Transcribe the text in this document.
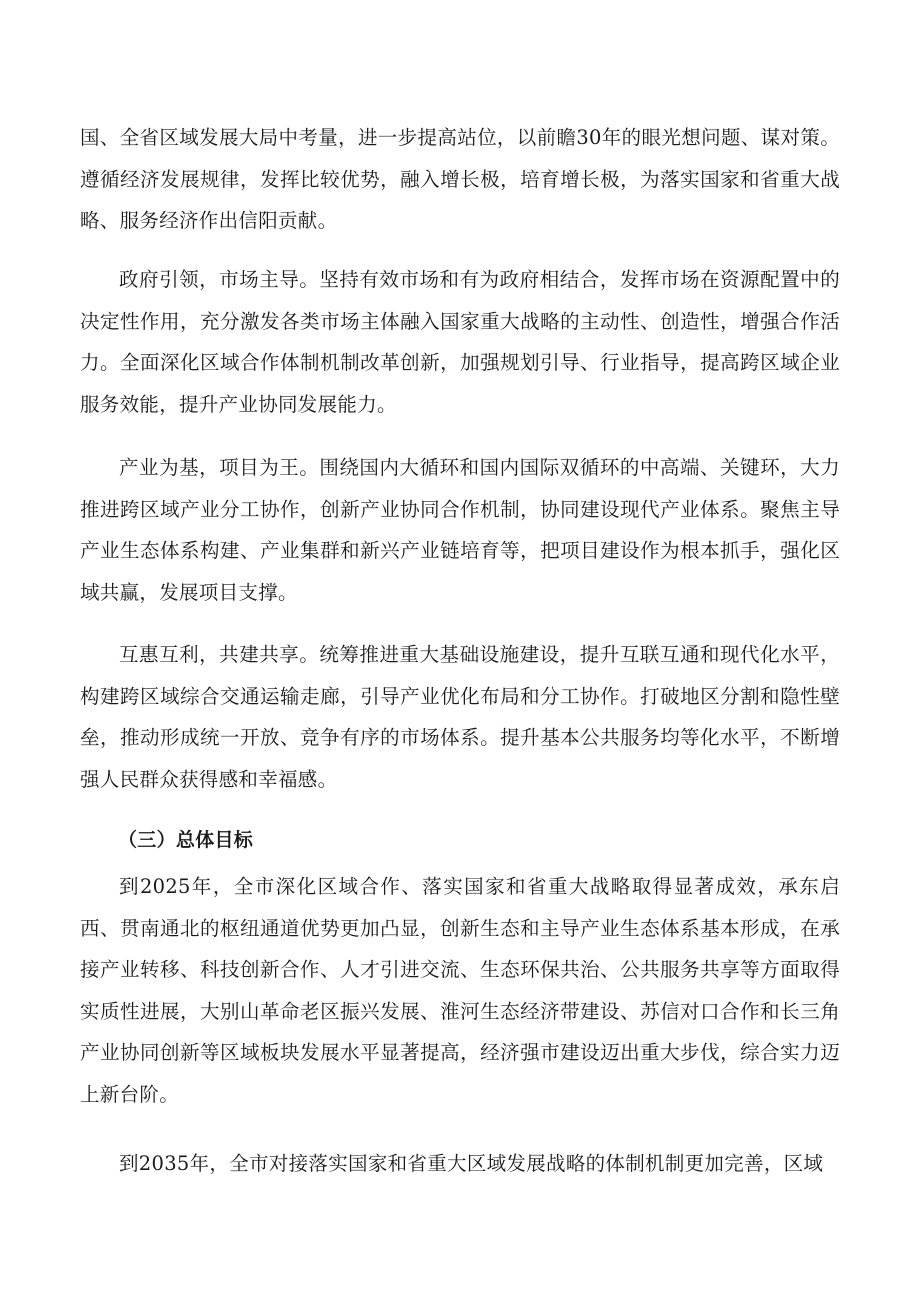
国、全省区域发展大局中考量，进一步提高站位，以前瞻30年的眼光想问题、谋对策。遵循经济发展规律，发挥比较优势，融入增长极，培育增长极，为落实国家和省重大战略、服务经济作出信阳贡献。

政府引领，市场主导。坚持有效市场和有为政府相结合，发挥市场在资源配置中的决定性作用，充分激发各类市场主体融入国家重大战略的主动性、创造性，增强合作活力。全面深化区域合作体制机制改革创新，加强规划引导、行业指导，提高跨区域企业服务效能，提升产业协同发展能力。

产业为基，项目为王。围绕国内大循环和国内国际双循环的中高端、关键环，大力推进跨区域产业分工协作，创新产业协同合作机制，协同建设现代产业体系。聚焦主导产业生态体系构建、产业集群和新兴产业链培育等，把项目建设作为根本抓手，强化区域共赢，发展项目支撑。

互惠互利，共建共享。统筹推进重大基础设施建设，提升互联互通和现代化水平，构建跨区域综合交通运输走廊，引导产业优化布局和分工协作。打破地区分割和隐性壁垒，推动形成统一开放、竞争有序的市场体系。提升基本公共服务均等化水平，不断增强人民群众获得感和幸福感。

（三）总体目标

到2025年，全市深化区域合作、落实国家和省重大战略取得显著成效，承东启西、贯南通北的枢纽通道优势更加凸显，创新生态和主导产业生态体系基本形成，在承接产业转移、科技创新合作、人才引进交流、生态环保共治、公共服务共享等方面取得实质性进展，大别山革命老区振兴发展、淮河生态经济带建设、苏信对口合作和长三角产业协同创新等区域板块发展水平显著提高，经济强市建设迈出重大步伐，综合实力迈上新台阶。

到2035年，全市对接落实国家和省重大区域发展战略的体制机制更加完善，区域
